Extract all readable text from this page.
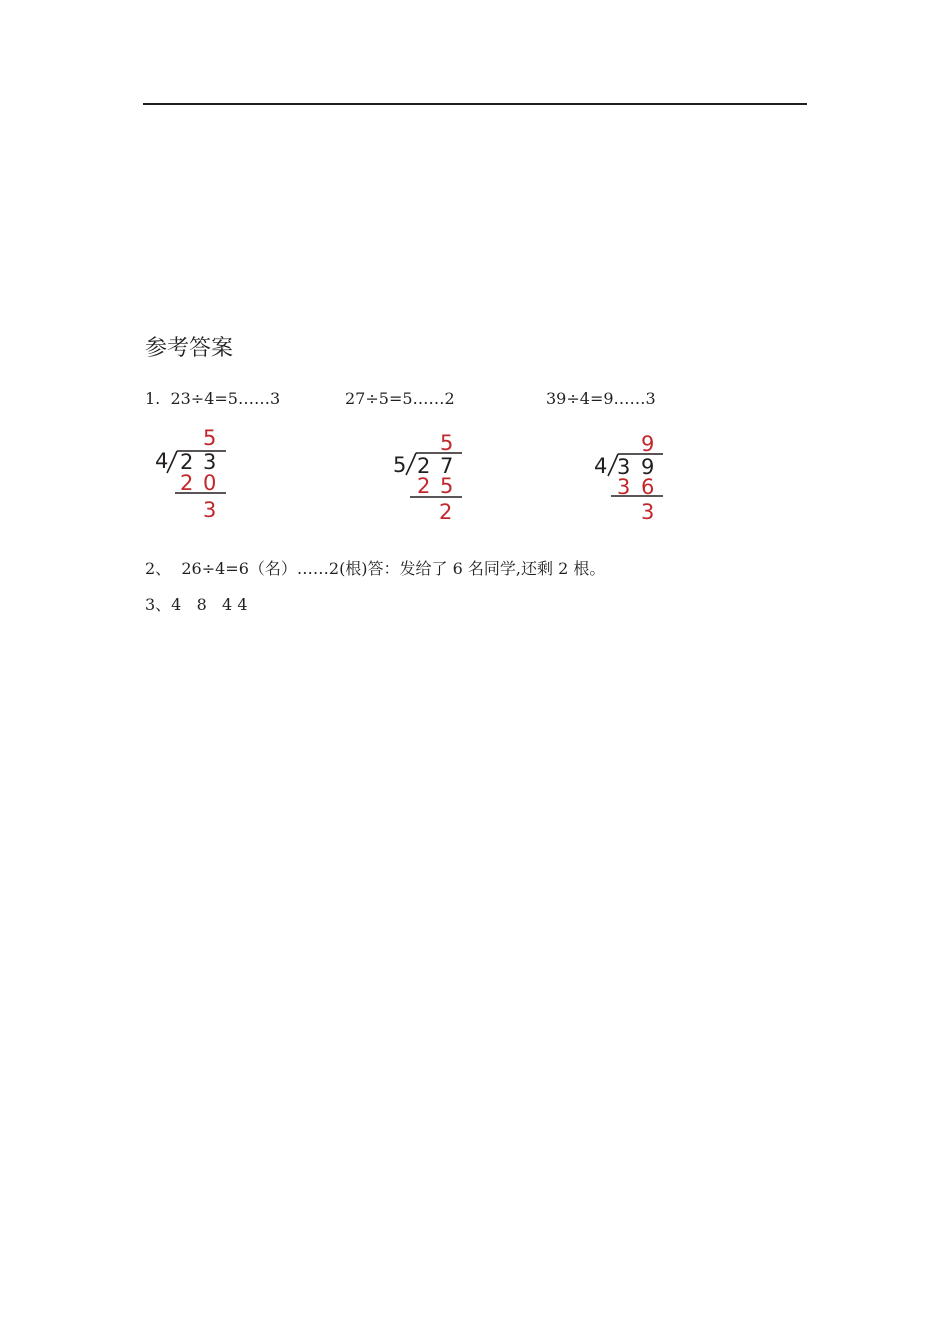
参考答案
1.  23÷4=5……3	27÷5=5……2	39÷4=9……3
5
4 2 3
2 0
3
5
5 2 7
2 5
2
9
4 3 9
3 6
3
2、  26÷4=6（名）……2(根)答：发给了 6 名同学,还剩 2 根。
3、4   8   4 4
